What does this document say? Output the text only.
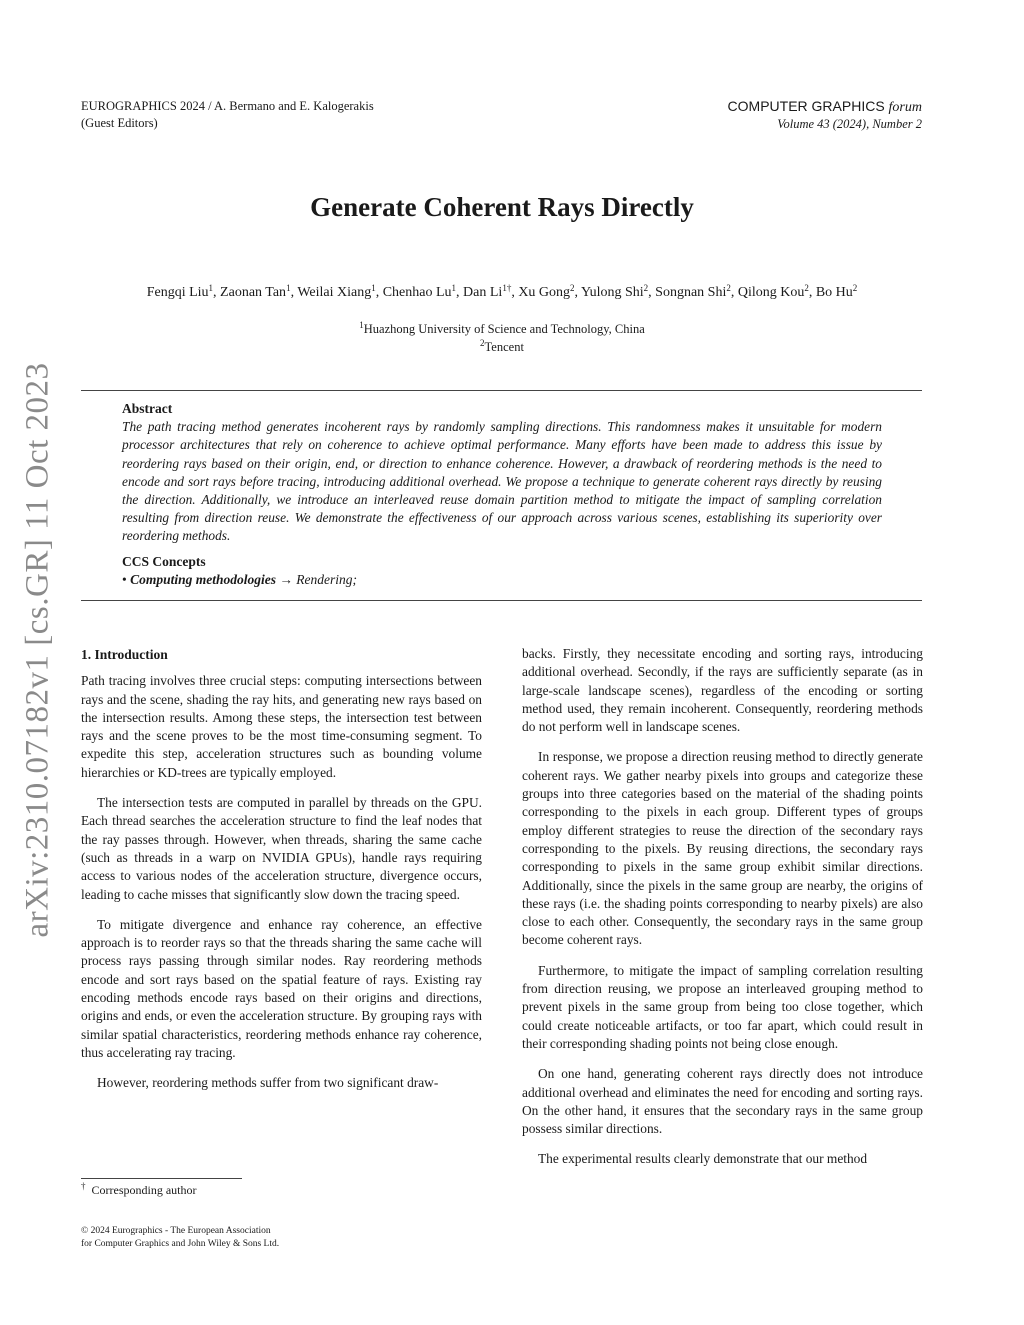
EUROGRAPHICS 2024 / A. Bermano and E. Kalogerakis
(Guest Editors)
COMPUTER GRAPHICS forum
Volume 43 (2024), Number 2
arXiv:2310.07182v1 [cs.GR] 11 Oct 2023
Generate Coherent Rays Directly
Fengqi Liu$^1$, Zaonan Tan$^1$, Weilai Xiang$^1$, Chenhao Lu$^1$, Dan $Li^{1\dagger}$, Xu Gong$^2$, Yulong Shi$^2$, Songnan Shi$^2$, Qilong Kou$^2$, Bo Hu$^2$
$^1$Huazhong University of Science and Technology, China
$^2$Tencent
Abstract
The path tracing method generates incoherent rays by randomly sampling directions. This randomness makes it unsuitable for modern processor architectures that rely on coherence to achieve optimal performance. Many efforts have been made to address this issue by reordering rays based on their origin, end, or direction to enhance coherence. However, a drawback of reordering methods is the need to encode and sort rays before tracing, introducing additional overhead. We propose a technique to generate coherent rays directly by reusing the direction. Additionally, we introduce an interleaved reuse domain partition method to mitigate the impact of sampling correlation resulting from direction reuse. We demonstrate the effectiveness of our approach across various scenes, establishing its superiority over reordering methods.
CCS Concepts
• Computing methodologies → Rendering;
1. Introduction

Path tracing involves three crucial steps: computing intersections between rays and the scene, shading the ray hits, and generating new rays based on the intersection results. Among these steps, the intersection test between rays and the scene proves to be the most time-consuming segment. To expedite this step, acceleration structures such as bounding volume hierarchies or KD-trees are typically employed.

The intersection tests are computed in parallel by threads on the GPU. Each thread searches the acceleration structure to find the leaf nodes that the ray passes through. However, when threads, sharing the same cache (such as threads in a warp on NVIDIA GPUs), handle rays requiring access to various nodes of the acceleration structure, divergence occurs, leading to cache misses that significantly slow down the tracing speed.

To mitigate divergence and enhance ray coherence, an effective approach is to reorder rays so that the threads sharing the same cache will process rays passing through similar nodes. Ray reordering methods encode and sort rays based on the spatial feature of rays. Existing ray encoding methods encode rays based on their origins and directions, origins and ends, or even the acceleration structure. By grouping rays with similar spatial characteristics, reordering methods enhance ray coherence, thus accelerating ray tracing.

However, reordering methods suffer from two significant draw-

backs. Firstly, they necessitate encoding and sorting rays, introducing additional overhead. Secondly, if the rays are sufficiently separate (as in large-scale landscape scenes), regardless of the encoding or sorting method used, they remain incoherent. Consequently, reordering methods do not perform well in landscape scenes.

In response, we propose a direction reusing method to directly generate coherent rays. We gather nearby pixels into groups and categorize these groups into three categories based on the material of the shading points corresponding to the pixels in each group. Different types of groups employ different strategies to reuse the direction of the secondary rays corresponding to the pixels. By reusing directions, the secondary rays corresponding to pixels in the same group exhibit similar directions. Additionally, since the pixels in the same group are nearby, the origins of these rays (i.e. the shading points corresponding to nearby pixels) are also close to each other. Consequently, the secondary rays in the same group become coherent rays.

Furthermore, to mitigate the impact of sampling correlation resulting from direction reusing, we propose an interleaved grouping method to prevent pixels in the same group from being too close together, which could create noticeable artifacts, or too far apart, which could result in their corresponding shading points not being close enough.

On one hand, generating coherent rays directly does not introduce additional overhead and eliminates the need for encoding and sorting rays. On the other hand, it ensures that the secondary rays in the same group possess similar directions.

The experimental results clearly demonstrate that our method

† Corresponding author
© 2024 Eurographics - The European Association
for Computer Graphics and John Wiley & Sons Ltd.
